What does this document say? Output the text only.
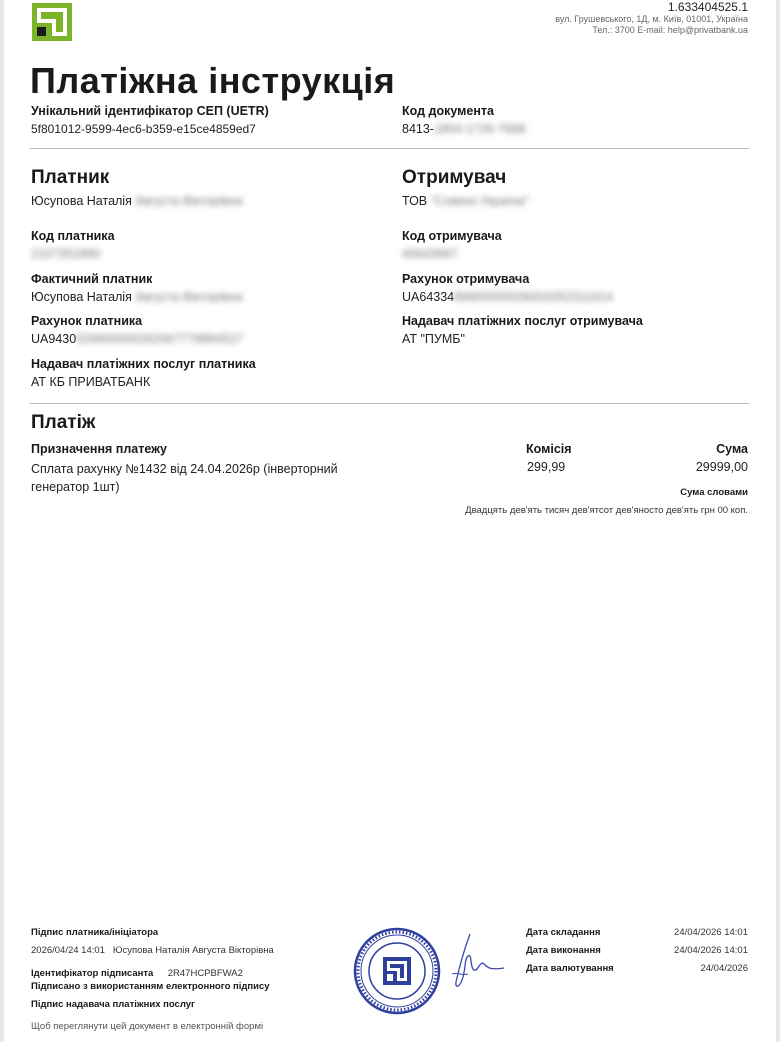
1.633404525.1
вул. Грушевського, 1Д, м. Київ, 01001, Україна
Тел.: 3700 E-mail: help@privatbank.ua
Платіжна інструкція
Унікальний ідентифікатор СЕП (UETR)
5f801012-9599-4ec6-b359-e15ce4859ed7
Код документа
8413-1804-1726-7668
Платник
Юсупова Наталія Августа Вікторівна
Код платника
2107351890
Фактичний платник
Юсупова Наталія Августа Вікторівна
Рахунок платника
UA9430529900000262067778884527
Надавач платіжних послуг платника
АТ КБ ПРИВАТБАНК
Отримувач
ТОВ "Совеко Україна"
Код отримувача
45643667
Рахунок отримувача
UA6433489900000026002052311614
Надавач платіжних послуг отримувача
АТ "ПУМБ"
Платіж
Призначення платежу
Сплата рахунку №1432 від 24.04.2026р (інверторний
генератор 1шт)
Комісія
299,99
Сума
29999,00
Сума словами
Двадцять дев'ять тисяч дев'ятсот дев'яносто дев'ять грн 00 коп.
Підпис платника/ініціатора
2026/04/24 14:01   Юсупова Наталія Августа Вікторівна
Ідентифікатор підписанта 2R47HCPBFWA2
Підписано з використанням електронного підпису
Підпис надавача платіжних послуг
Щоб переглянути цей документ в електронній формі
Дата складання	24/04/2026 14:01
Дата виконання	24/04/2026 14:01
Дата валютування	24/04/2026
